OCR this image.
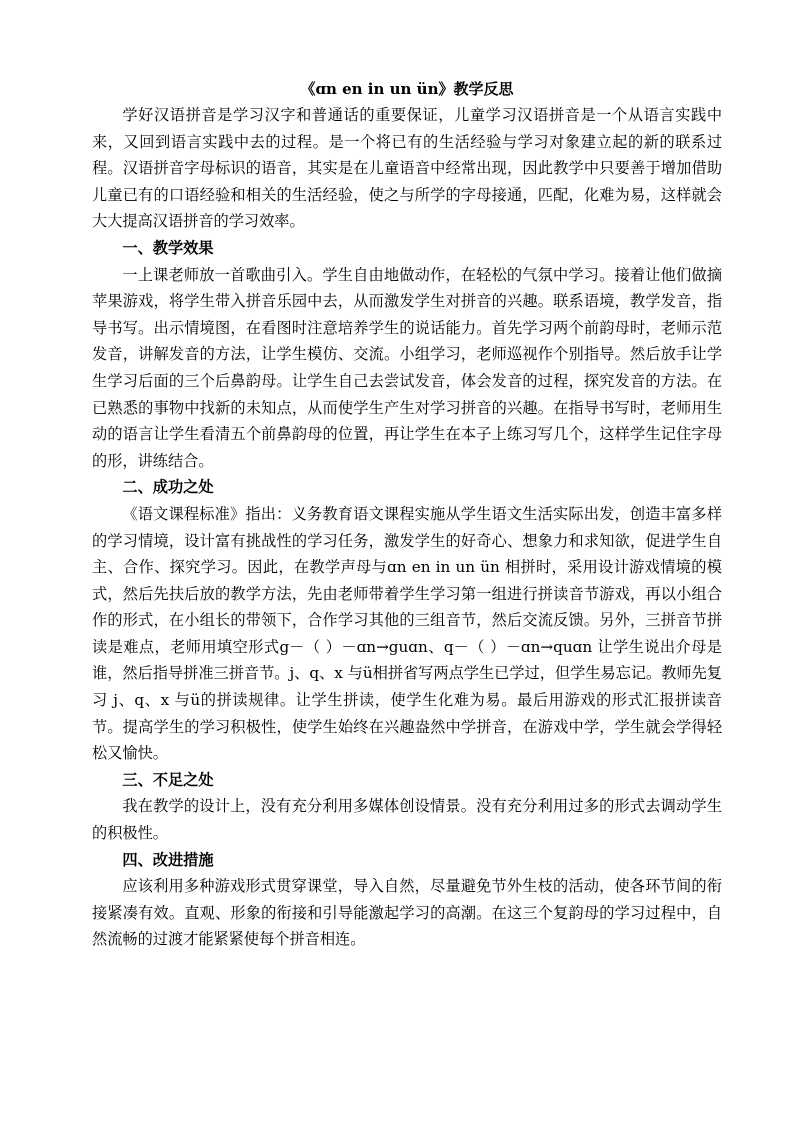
《ɑn en in un ün》教学反思

学好汉语拼音是学习汉字和普通话的重要保证，儿童学习汉语拼音是一个从语言实践中来，又回到语言实践中去的过程。是一个将已有的生活经验与学习对象建立起的新的联系过程。汉语拼音字母标识的语音，其实是在儿童语音中经常出现，因此教学中只要善于增加借助儿童已有的口语经验和相关的生活经验，使之与所学的字母接通，匹配，化难为易，这样就会大大提高汉语拼音的学习效率。

一、教学效果

一上课老师放一首歌曲引入。学生自由地做动作，在轻松的气氛中学习。接着让他们做摘苹果游戏，将学生带入拼音乐园中去，从而激发学生对拼音的兴趣。联系语境，教学发音，指导书写。出示情境图，在看图时注意培养学生的说话能力。首先学习两个前韵母时，老师示范发音，讲解发音的方法，让学生模仿、交流。小组学习，老师巡视作个别指导。然后放手让学生学习后面的三个后鼻韵母。让学生自己去尝试发音，体会发音的过程，探究发音的方法。在已熟悉的事物中找新的未知点，从而使学生产生对学习拼音的兴趣。在指导书写时，老师用生动的语言让学生看清五个前鼻韵母的位置，再让学生在本子上练习写几个，这样学生记住字母的形，讲练结合。

二、成功之处

《语文课程标准》指出：义务教育语文课程实施从学生语文生活实际出发，创造丰富多样的学习情境，设计富有挑战性的学习任务，激发学生的好奇心、想象力和求知欲，促进学生自主、合作、探究学习。因此，在教学声母与ɑn en in un ün 相拼时，采用设计游戏情境的模式，然后先扶后放的教学方法，先由老师带着学生学习第一组进行拼读音节游戏，再以小组合作的形式，在小组长的带领下，合作学习其他的三组音节，然后交流反馈。另外，三拼音节拼读是难点，老师用填空形式g－（ ）－ɑn→guɑn、q－（ ）－ɑn→quɑn 让学生说出介母是谁，然后指导拼准三拼音节。j、q、x 与ü相拼省写两点学生已学过，但学生易忘记。教师先复习 j、q、x 与ü的拼读规律。让学生拼读，使学生化难为易。最后用游戏的形式汇报拼读音节。提高学生的学习积极性，使学生始终在兴趣盎然中学拼音，在游戏中学，学生就会学得轻松又愉快。

三、不足之处

我在教学的设计上，没有充分利用多媒体创设情景。没有充分利用过多的形式去调动学生的积极性。

四、改进措施

应该利用多种游戏形式贯穿课堂，导入自然，尽量避免节外生枝的活动，使各环节间的衔接紧凑有效。直观、形象的衔接和引导能激起学习的高潮。在这三个复韵母的学习过程中，自然流畅的过渡才能紧紧使每个拼音相连。
